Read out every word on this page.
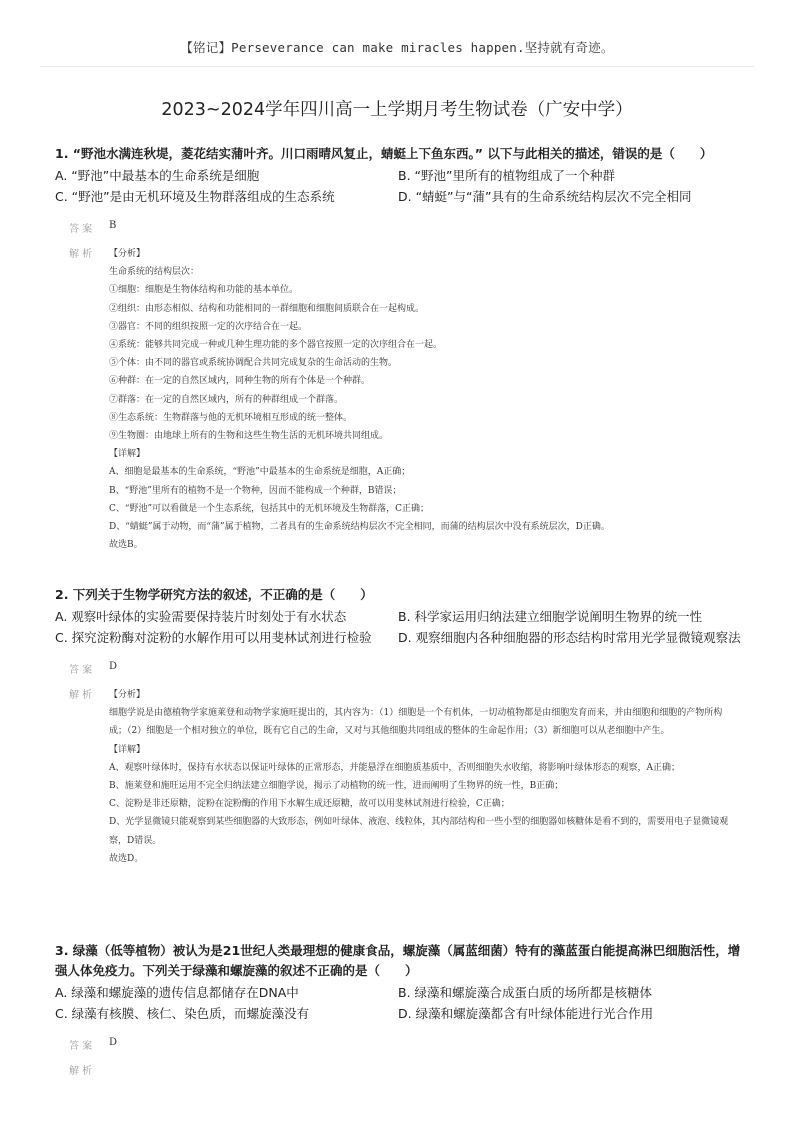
【铭记】Perseverance can make miracles happen.坚持就有奇迹。
2023~2024学年四川高一上学期月考生物试卷（广安中学）
1. “野池水满连秋堤，菱花结实蒲叶齐。川口雨晴风复止，蜻蜓上下鱼东西。” 以下与此相关的描述，错误的是（　　）
A. “野池”中最基本的生命系统是细胞	B. “野池”里所有的植物组成了一个种群
C. “野池”是由无机环境及生物群落组成的生态系统	D. “蜻蜓”与“蒲”具有的生命系统结构层次不完全相同
答 案	B
解 析	【分析】
生命系统的结构层次：
①细胞：细胞是生物体结构和功能的基本单位。
②组织：由形态相似、结构和功能相同的一群细胞和细胞间质联合在一起构成。
③器官：不同的组织按照一定的次序结合在一起。
④系统：能够共同完成一种或几种生理功能的多个器官按照一定的次序组合在一起。
⑤个体：由不同的器官或系统协调配合共同完成复杂的生命活动的生物。
⑥种群：在一定的自然区域内，同种生物的所有个体是一个种群。
⑦群落：在一定的自然区域内，所有的种群组成一个群落。
⑧生态系统：生物群落与他的无机环境相互形成的统一整体。
⑨生物圈：由地球上所有的生物和这些生物生活的无机环境共同组成。
【详解】
A、细胞是最基本的生命系统，“野池”中最基本的生命系统是细胞，A正确；
B、“野池”里所有的植物不是一个物种，因而不能构成一个种群，B错误；
C、“野池”可以看做是一个生态系统，包括其中的无机环境及生物群落，C正确；
D、“蜻蜓”属于动物，而“蒲”属于植物，二者具有的生命系统结构层次不完全相同，而蒲的结构层次中没有系统层次，D正确。
故选B。
2. 下列关于生物学研究方法的叙述，不正确的是（　　）
A. 观察叶绿体的实验需要保持装片时刻处于有水状态	B. 科学家运用归纳法建立细胞学说阐明生物界的统一性
C. 探究淀粉酶对淀粉的水解作用可以用斐林试剂进行检验	D. 观察细胞内各种细胞器的形态结构时常用光学显微镜观察法
答 案	D
解 析	【分析】
细胞学说是由德植物学家施莱登和动物学家施旺提出的，其内容为：（1）细胞是一个有机体，一切动植物都是由细胞发育而来，并由细胞和细胞的产物所构成；（2）细胞是一个相对独立的单位，既有它自己的生命，又对与其他细胞共同组成的整体的生命起作用；（3）新细胞可以从老细胞中产生。
【详解】
A、观察叶绿体时，保持有水状态以保证叶绿体的正常形态，并能悬浮在细胞质基质中，否则细胞失水收缩，将影响叶绿体形态的观察，A正确；
B、施莱登和施旺运用不完全归纳法建立细胞学说，揭示了动植物的统一性，进而阐明了生物界的统一性，B正确；
C、淀粉是非还原糖，淀粉在淀粉酶的作用下水解生成还原糖，故可以用斐林试剂进行检验，C正确；
D、光学显微镜只能观察到某些细胞器的大致形态，例如叶绿体、液泡、线粒体，其内部结构和一些小型的细胞器如核糖体是看不到的，需要用电子显微镜观察，D错误。
故选D。
3. 绿藻（低等植物）被认为是21世纪人类最理想的健康食品，螺旋藻（属蓝细菌）特有的藻蓝蛋白能提高淋巴细胞活性，增强人体免疫力。下列关于绿藻和螺旋藻的叙述不正确的是（　　）
A. 绿藻和螺旋藻的遗传信息都储存在DNA中	B. 绿藻和螺旋藻合成蛋白质的场所都是核糖体
C. 绿藻有核膜、核仁、染色质，而螺旋藻没有	D. 绿藻和螺旋藻都含有叶绿体能进行光合作用
答 案	D
解 析
